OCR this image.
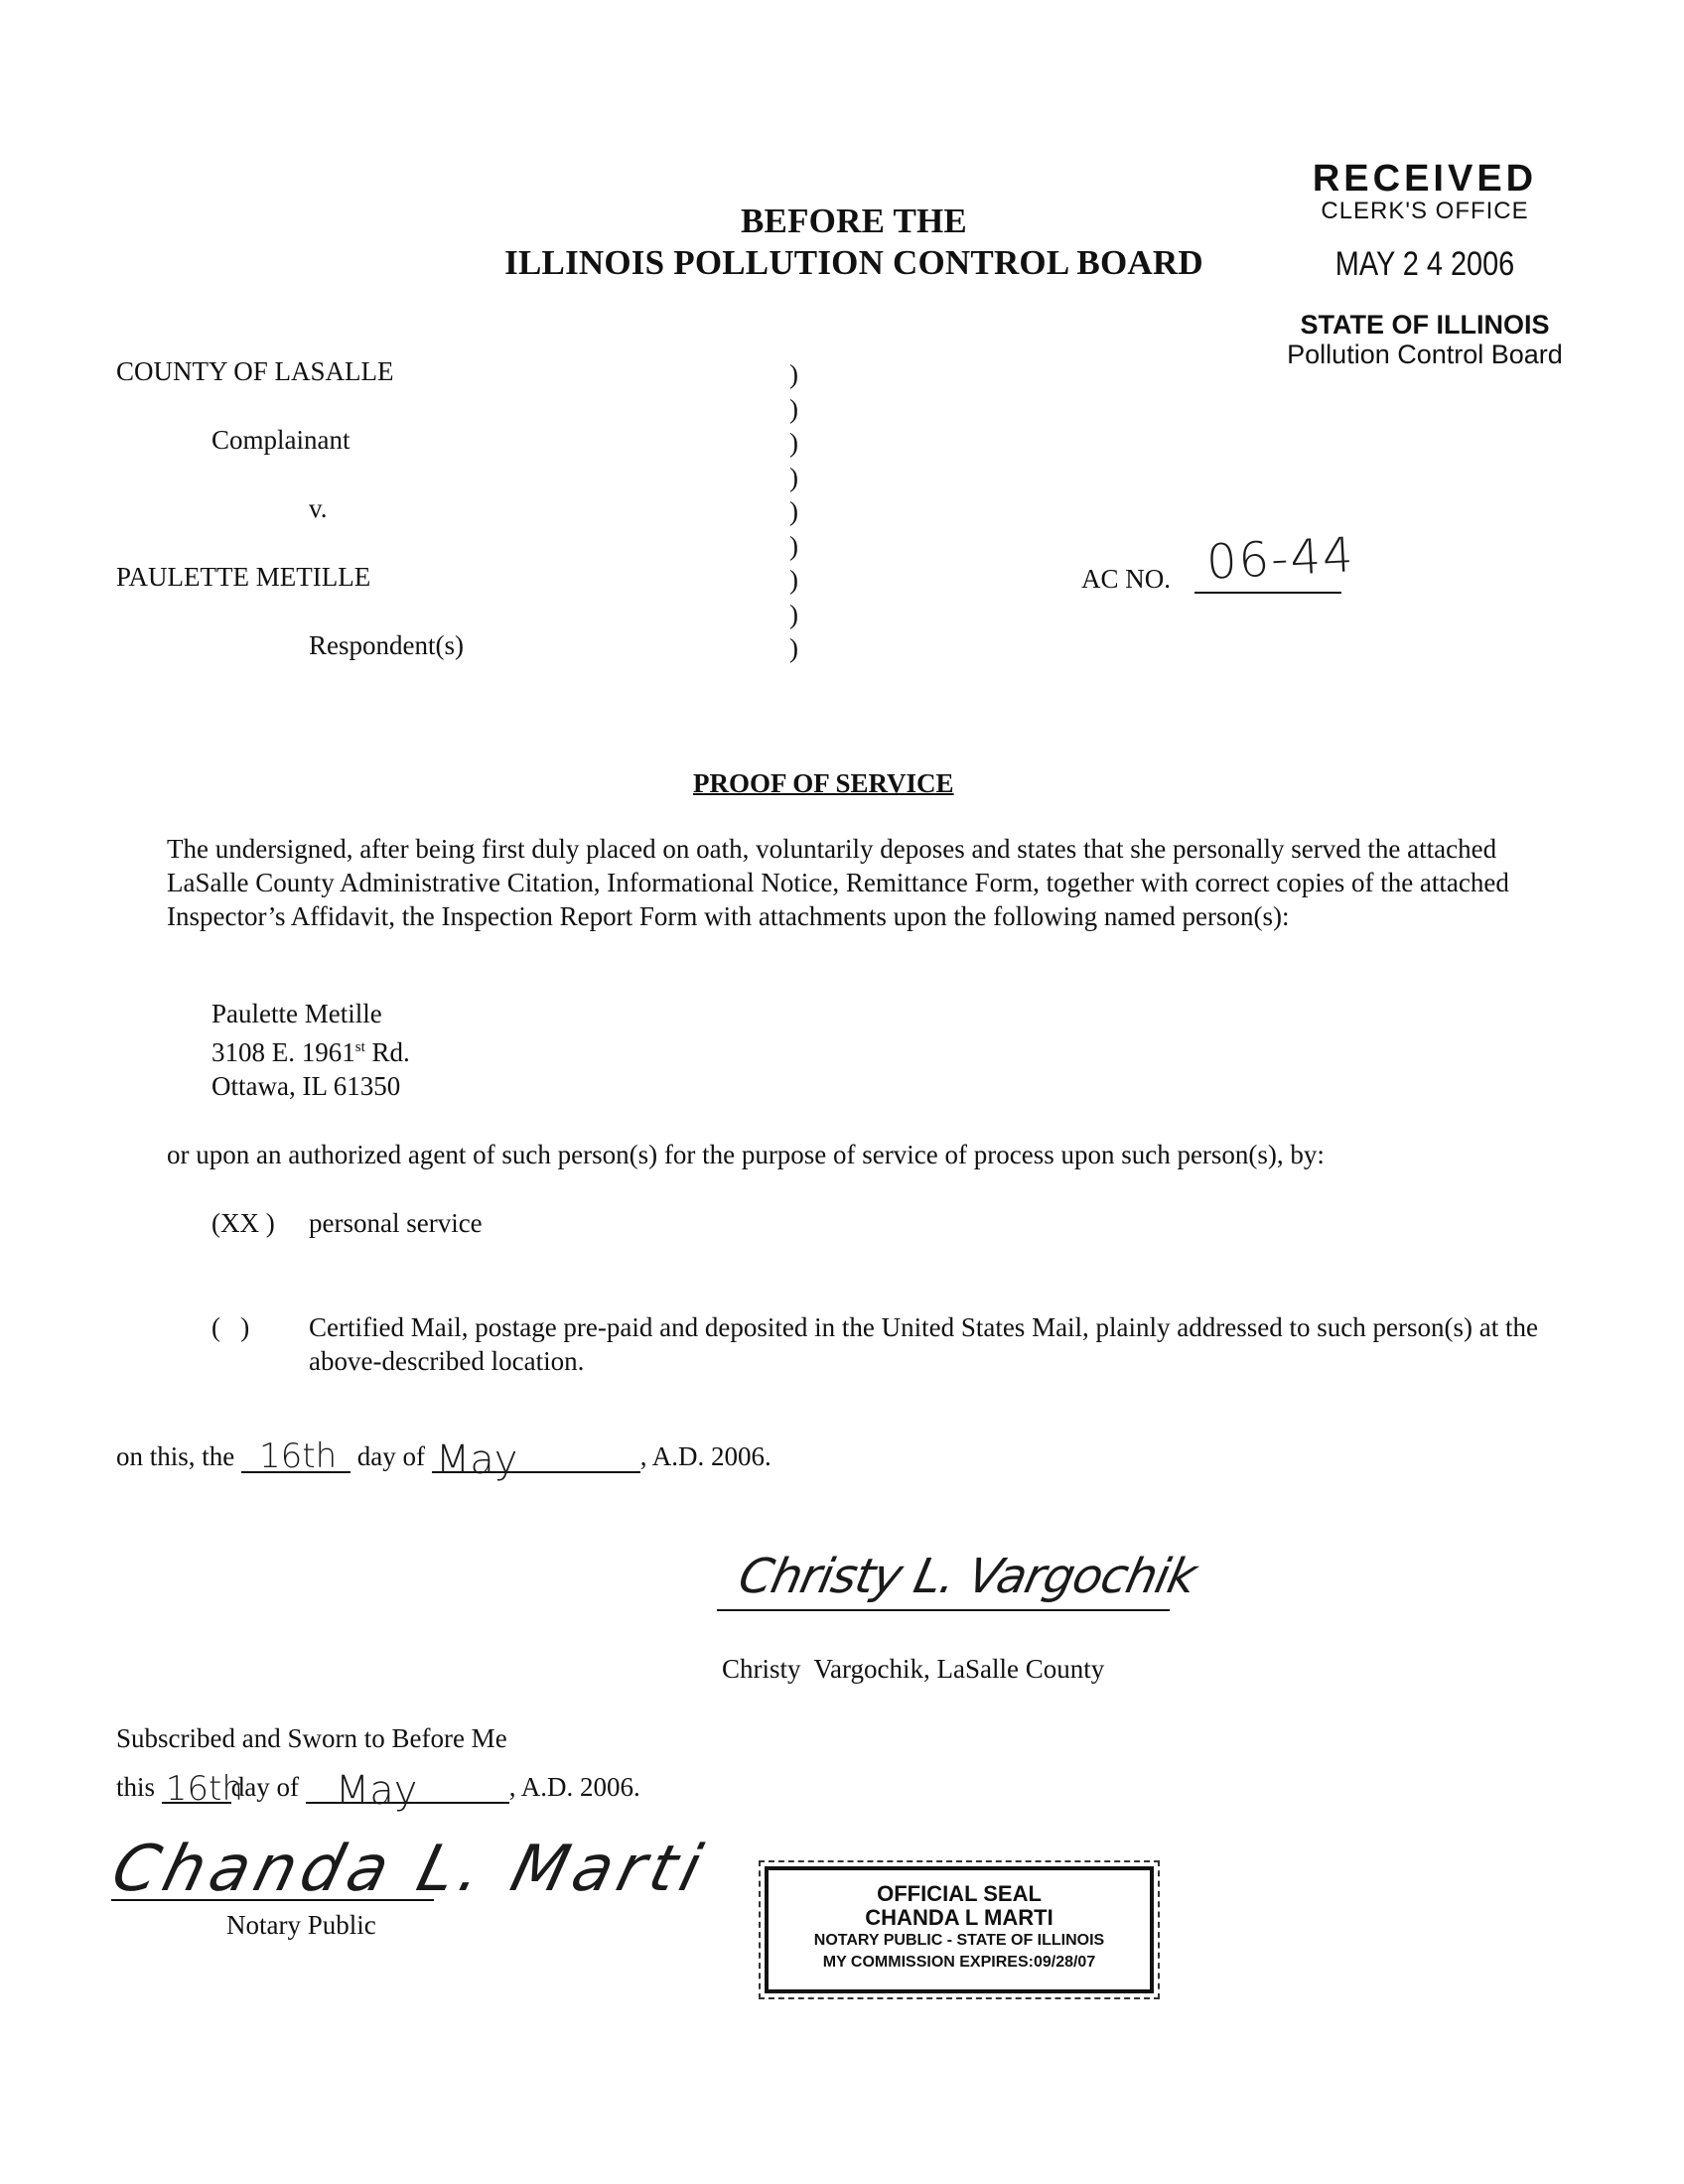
RECEIVED
CLERK'S OFFICE
MAY 2 4 2006
STATE OF ILLINOIS
Pollution Control Board
BEFORE THE
ILLINOIS POLLUTION CONTROL BOARD
COUNTY OF LASALLE
Complainant
v.
PAULETTE METILLE
Respondent(s)
)
)
)
)
)
)
)
)
)
AC NO. 06-44
PROOF OF SERVICE
The undersigned, after being first duly placed on oath, voluntarily deposes and states that she personally served the attached LaSalle County Administrative Citation, Informational Notice, Remittance Form, together with correct copies of the attached Inspector’s Affidavit, the Inspection Report Form with attachments upon the following named person(s):
Paulette Metille
3108 E. 1961st Rd.
Ottawa, IL 61350
or upon an authorized agent of such person(s) for the purpose of service of process upon such person(s), by:
(XX ) personal service
(   ) Certified Mail, postage pre-paid and deposited in the United States Mail, plainly addressed to such person(s) at the above-described location.
on this, the 16th day of May	, A.D. 2006.
Christy L. Vargochik
Christy  Vargochik, LaSalle County
Subscribed and Sworn to Before Me
this 16th
day of May	, A.D. 2006.
Chanda L. Marti
Notary Public
OFFICIAL SEAL
CHANDA L MARTI
NOTARY PUBLIC - STATE OF ILLINOIS
MY COMMISSION EXPIRES:09/28/07
